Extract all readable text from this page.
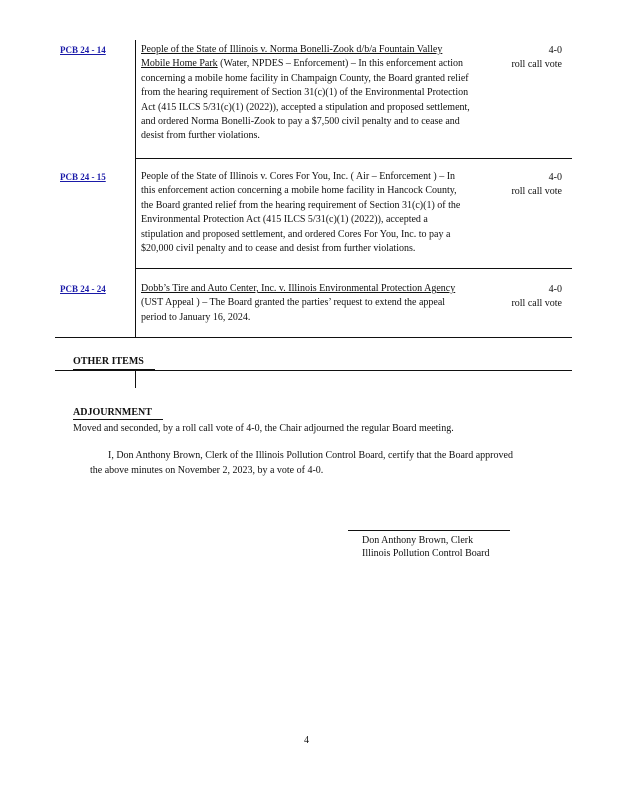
PCB 24 - 14	People of the State of Illinois v. Norma Bonelli-Zook d/b/a Fountain Valley Mobile Home Park (Water, NPDES – Enforcement) – In this enforcement action concerning a mobile home facility in Champaign County, the Board granted relief from the hearing requirement of Section 31(c)(1) of the Environmental Protection Act (415 ILCS 5/31(c)(1) (2022)), accepted a stipulation and proposed settlement, and ordered Norma Bonelli-Zook to pay a $7,500 civil penalty and to cease and desist from further violations.
4-0
roll call vote
PCB 24 - 15	People of the State of Illinois v. Cores For You, Inc. ( Air – Enforcement ) – In this enforcement action concerning a mobile home facility in Hancock County, the Board granted relief from the hearing requirement of Section 31(c)(1) of the Environmental Protection Act (415 ILCS 5/31(c)(1) (2022)), accepted a stipulation and proposed settlement, and ordered Cores For You, Inc. to pay a $20,000 civil penalty and to cease and desist from further violations.
4-0
roll call vote
PCB 24 - 24	Dobb’s Tire and Auto Center, Inc. v. Illinois Environmental Protection Agency (UST Appeal ) – The Board granted the parties’ request to extend the appeal period to January 16, 2024.
4-0
roll call vote
OTHER ITEMS
ADJOURNMENT
Moved and seconded, by a roll call vote of 4-0, the Chair adjourned the regular Board meeting.
I, Don Anthony Brown, Clerk of the Illinois Pollution Control Board, certify that the Board approved the above minutes on November 2, 2023, by a vote of 4-0.
Don Anthony Brown, Clerk
Illinois Pollution Control Board
4
